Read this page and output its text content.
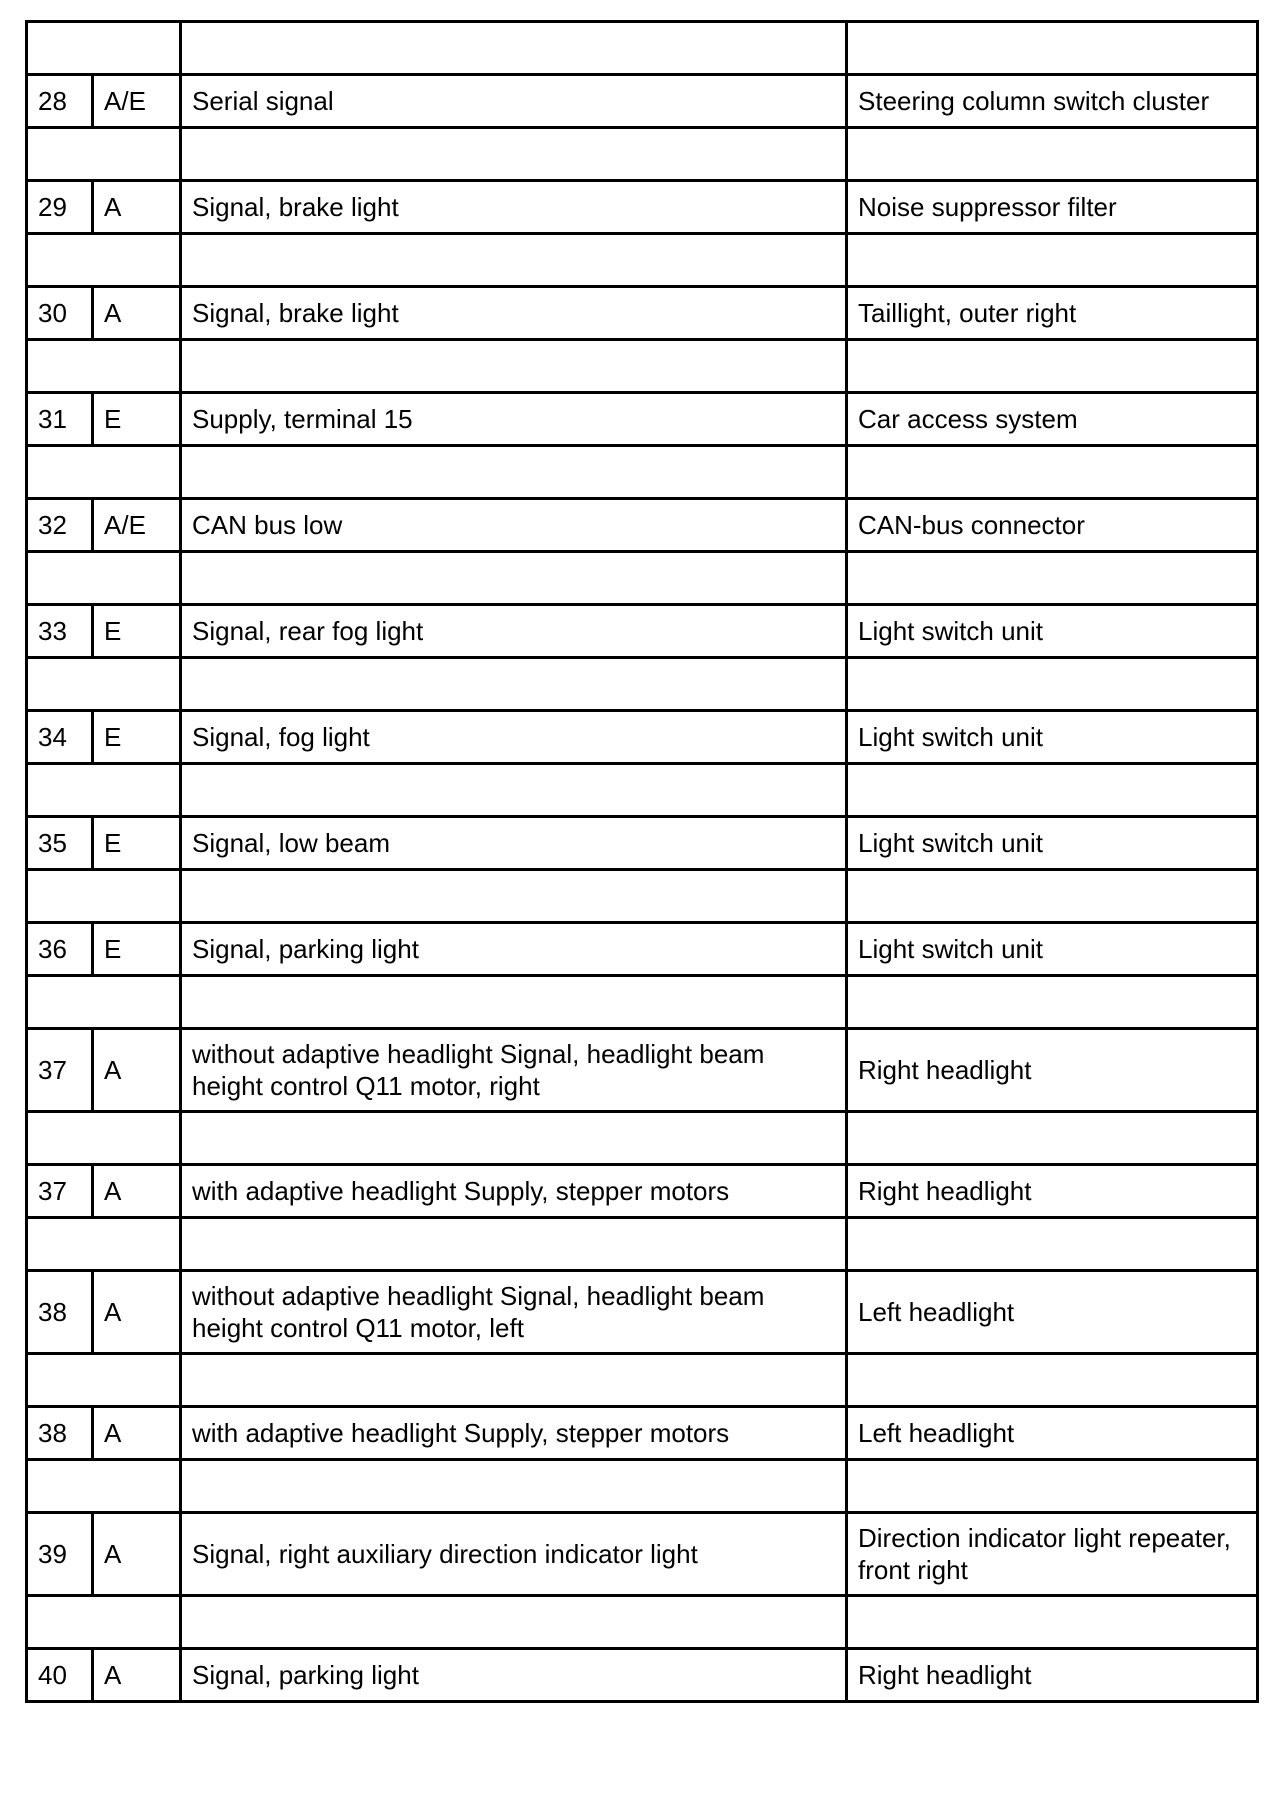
28	A/E	Serial signal	Steering column switch cluster

29	A	Signal, brake light	Noise suppressor filter

30	A	Signal, brake light	Taillight, outer right

31	E	Supply, terminal 15	Car access system

32	A/E	CAN bus low	CAN-bus connector

33	E	Signal, rear fog light	Light switch unit

34	E	Signal, fog light	Light switch unit

35	E	Signal, low beam	Light switch unit

36	E	Signal, parking light	Light switch unit

37	A	without adaptive headlight Signal, headlight beam height control Q11 motor, right	Right headlight

37	A	with adaptive headlight Supply, stepper motors	Right headlight

38	A	without adaptive headlight Signal, headlight beam height control Q11 motor, left	Left headlight

38	A	with adaptive headlight Supply, stepper motors	Left headlight

39	A	Signal, right auxiliary direction indicator light	Direction indicator light repeater, front right

40	A	Signal, parking light	Right headlight
